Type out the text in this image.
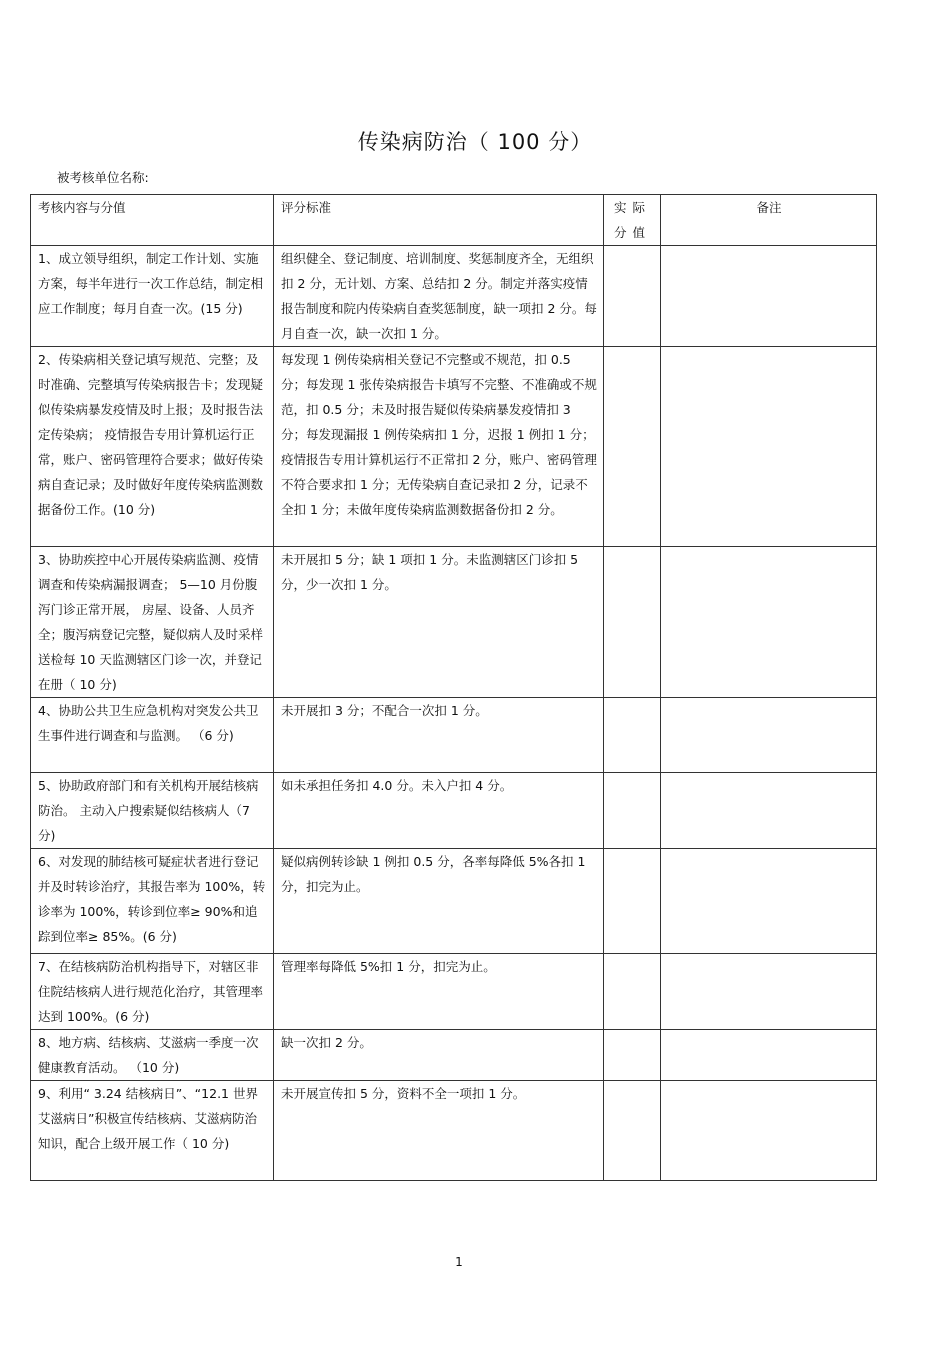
传染病防治（ 100 分）
被考核单位名称:
考核内容与分值	评分标准	实际分值	备注
1、成立领导组织，制定工作计划、实施方案，每半年进行一次工作总结，制定相应工作制度；每月自查一次。(15 分)	组织健全、登记制度、培训制度、奖惩制度齐全，无组织扣 2 分，无计划、方案、总结扣 2 分。制定并落实疫情报告制度和院内传染病自查奖惩制度，缺一项扣 2 分。每月自查一次，缺一次扣 1 分。		
2、传染病相关登记填写规范、完整；及时准确、完整填写传染病报告卡；发现疑似传染病暴发疫情及时上报；及时报告法定传染病； 疫情报告专用计算机运行正常，账户、密码管理符合要求；做好传染病自查记录；及时做好年度传染病监测数据备份工作。(10 分)	每发现 1 例传染病相关登记不完整或不规范，扣 0.5 分；每发现 1 张传染病报告卡填写不完整、不准确或不规范，扣 0.5 分；未及时报告疑似传染病暴发疫情扣 3 分；每发现漏报 1 例传染病扣 1 分，迟报 1 例扣 1 分；疫情报告专用计算机运行不正常扣 2 分，账户、密码管理不符合要求扣 1 分；无传染病自查记录扣 2 分，记录不全扣 1 分；未做年度传染病监测数据备份扣 2 分。		
3、协助疾控中心开展传染病监测、疫情调查和传染病漏报调查； 5—10 月份腹泻门诊正常开展， 房屋、设备、人员齐全；腹泻病登记完整，疑似病人及时采样送检每 10 天监测辖区门诊一次，并登记在册（ 10 分)	未开展扣 5 分；缺 1 项扣 1 分。未监测辖区门诊扣 5 分，少一次扣 1 分。		
4、协助公共卫生应急机构对突发公共卫生事件进行调查和与监测。 （6 分)	未开展扣 3 分；不配合一次扣 1 分。		
5、协助政府部门和有关机构开展结核病防治。 主动入户搜索疑似结核病人（7 分)	如未承担任务扣 4.0 分。未入户扣 4 分。		
6、对发现的肺结核可疑症状者进行登记并及时转诊治疗，其报告率为 100%，转诊率为 100%，转诊到位率≥ 90%和追踪到位率≥ 85%。(6 分)	疑似病例转诊缺 1 例扣 0.5 分，各率每降低 5%各扣 1 分，扣完为止。		
7、在结核病防治机构指导下，对辖区非住院结核病人进行规范化治疗，其管理率达到 100%。(6 分)	管理率每降低 5%扣 1 分，扣完为止。		
8、地方病、结核病、艾滋病一季度一次健康教育活动。 （10 分)	缺一次扣 2 分。		
9、利用“ 3.24 结核病日”、“12.1 世界艾滋病日”积极宣传结核病、艾滋病防治知识，配合上级开展工作（ 10 分)	未开展宣传扣 5 分，资料不全一项扣 1 分。		
1
